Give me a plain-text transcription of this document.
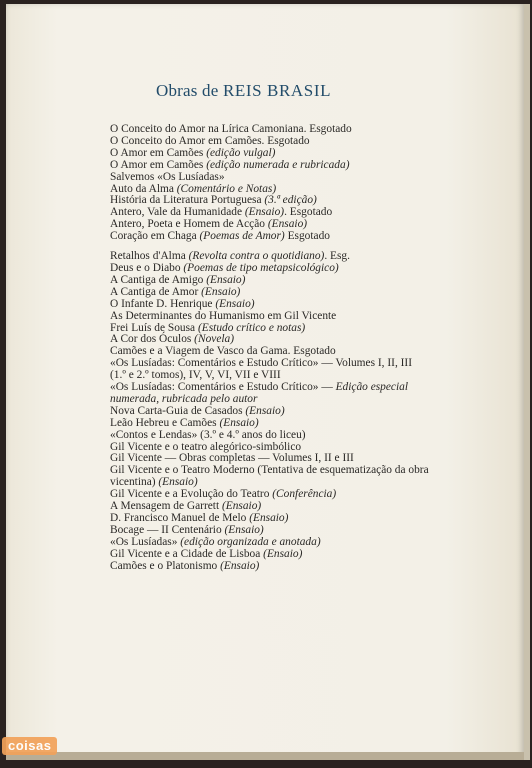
Obras de REIS BRASIL
O Conceito do Amor na Lírica Camoniana. Esgotado
O Conceito do Amor em Camões. Esgotado
O Amor em Camões (edição vulgal)
O Amor em Camões (edição numerada e rubricada)
Salvemos «Os Lusíadas»
Auto da Alma (Comentário e Notas)
História da Literatura Portuguesa (3.ª edição)
Antero, Vale da Humanidade (Ensaio). Esgotado
Antero, Poeta e Homem de Acção (Ensaio)
Coração em Chaga (Poemas de Amor) Esgotado
Retalhos d'Alma (Revolta contra o quotidiano). Esg.
Deus e o Diabo (Poemas de tipo metapsicológico)
A Cantiga de Amigo (Ensaio)
A Cantiga de Amor (Ensaio)
O Infante D. Henrique (Ensaio)
As Determinantes do Humanismo em Gil Vicente
Frei Luís de Sousa (Estudo crítico e notas)
A Cor dos Óculos (Novela)
Camões e a Viagem de Vasco da Gama. Esgotado
«Os Lusíadas: Comentários e Estudo Crítico» — Volumes I, II, III (1.º e 2.º tomos), IV, V, VI, VII e VIII
«Os Lusíadas: Comentários e Estudo Crítico» — Edição especial numerada, rubricada pelo autor
Nova Carta-Guia de Casados (Ensaio)
Leão Hebreu e Camões (Ensaio)
«Contos e Lendas» (3.º e 4.º anos do liceu)
Gil Vicente e o teatro alegórico-simbólico
Gil Vicente — Obras completas — Volumes I, II e III
Gil Vicente e o Teatro Moderno (Tentativa de esquematização da obra vicentina) (Ensaio)
Gil Vicente e a Evolução do Teatro (Conferência)
A Mensagem de Garrett (Ensaio)
D. Francisco Manuel de Melo (Ensaio)
Bocage — II Centenário (Ensaio)
«Os Lusíadas» (edição organizada e anotada)
Gil Vicente e a Cidade de Lisboa (Ensaio)
Camões e o Platonismo (Ensaio)
coisas
